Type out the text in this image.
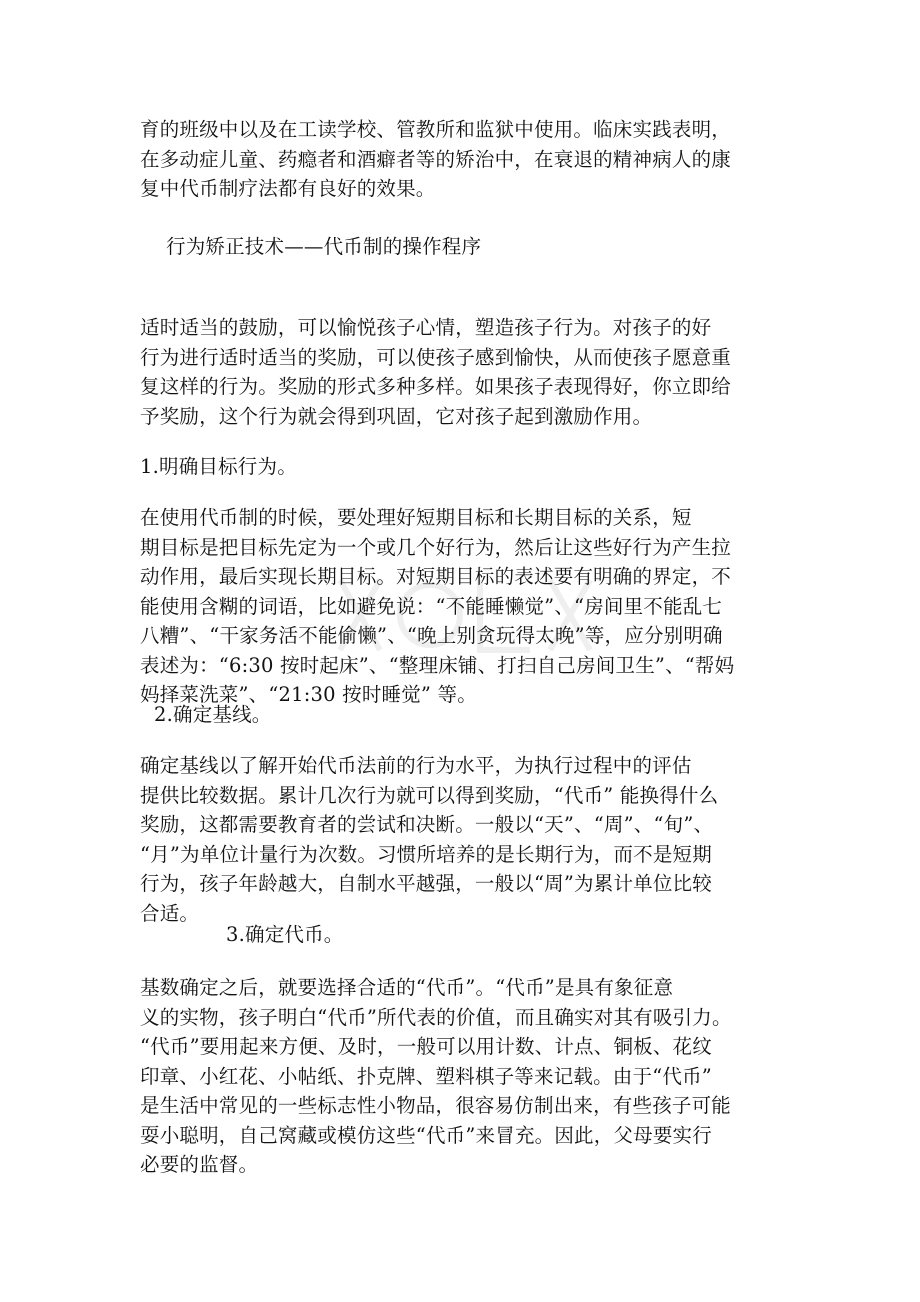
育的班级中以及在工读学校、管教所和监狱中使用。临床实践表明，
在多动症儿童、药瘾者和酒癖者等的矫治中，在衰退的精神病人的康
复中代币制疗法都有良好的效果。
行为矫正技术——代币制的操作程序
适时适当的鼓励，可以愉悦孩子心情，塑造孩子行为。对孩子的好
行为进行适时适当的奖励，可以使孩子感到愉快，从而使孩子愿意重
复这样的行为。奖励的形式多种多样。如果孩子表现得好，你立即给
予奖励，这个行为就会得到巩固，它对孩子起到激励作用。
1.明确目标行为。
在使用代币制的时候，要处理好短期目标和长期目标的关系，短
期目标是把目标先定为一个或几个好行为，然后让这些好行为产生拉
动作用，最后实现长期目标。对短期目标的表述要有明确的界定，不
能使用含糊的词语，比如避免说：“不能睡懒觉”、“房间里不能乱七
八糟”、“干家务活不能偷懒”、“晚上别贪玩得太晚”等，应分别明确
表述为：“6:30 按时起床”、“整理床铺、打扫自己房间卫生”、“帮妈
妈择菜洗菜”、“21:30 按时睡觉” 等。
2.确定基线。
确定基线以了解开始代币法前的行为水平，为执行过程中的评估
提供比较数据。累计几次行为就可以得到奖励，“代币” 能换得什么
奖励，这都需要教育者的尝试和决断。一般以“天”、“周”、“旬”、
“月”为单位计量行为次数。习惯所培养的是长期行为，而不是短期
行为，孩子年龄越大，自制水平越强，一般以“周”为累计单位比较
合适。
3.确定代币。
基数确定之后，就要选择合适的“代币”。“代币”是具有象征意
义的实物，孩子明白“代币”所代表的价值，而且确实对其有吸引力。
“代币”要用起来方便、及时，一般可以用计数、计点、铜板、花纹
印章、小红花、小帖纸、扑克牌、塑料棋子等来记载。由于“代币”
是生活中常见的一些标志性小物品，很容易仿制出来，有些孩子可能
耍小聪明，自己窝藏或模仿这些“代币”来冒充。因此，父母要实行
必要的监督。
